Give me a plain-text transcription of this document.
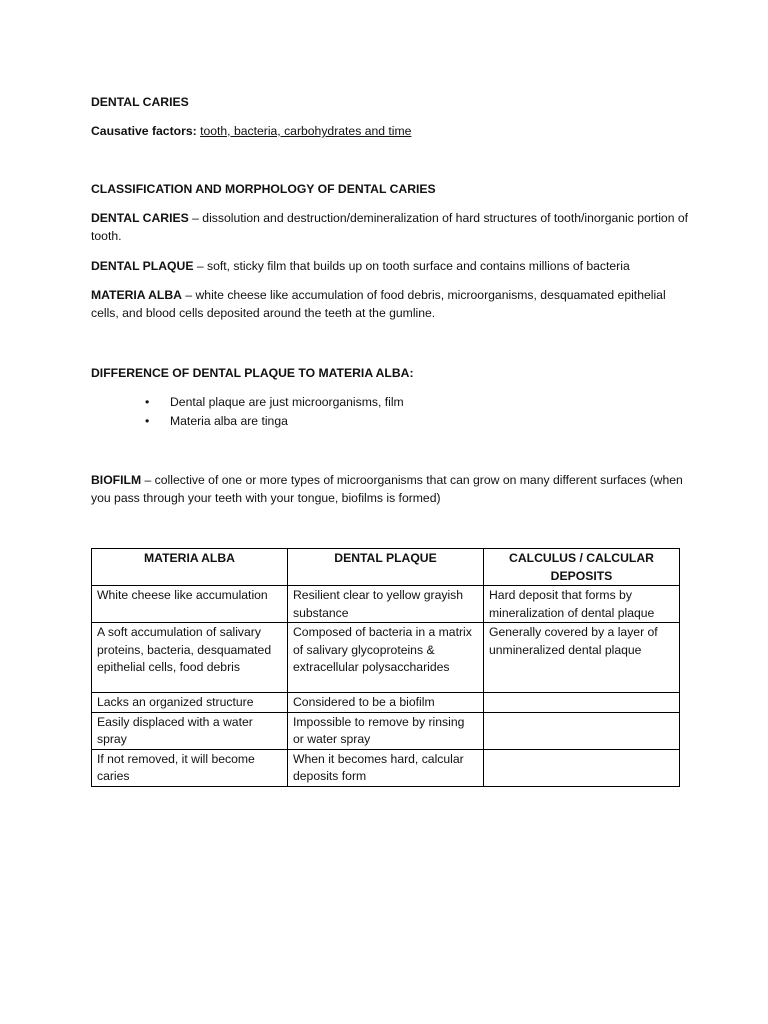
DENTAL CARIES

Causative factors: tooth, bacteria, carbohydrates and time

CLASSIFICATION AND MORPHOLOGY OF DENTAL CARIES

DENTAL CARIES – dissolution and destruction/demineralization of hard structures of tooth/inorganic portion of tooth.

DENTAL PLAQUE – soft, sticky film that builds up on tooth surface and contains millions of bacteria

MATERIA ALBA – white cheese like accumulation of food debris, microorganisms, desquamated epithelial cells, and blood cells deposited around the teeth at the gumline.

DIFFERENCE OF DENTAL PLAQUE TO MATERIA ALBA:

• Dental plaque are just microorganisms, film
• Materia alba are tinga

BIOFILM – collective of one or more types of microorganisms that can grow on many different surfaces (when you pass through your teeth with your tongue, biofilms is formed)

MATERIA ALBA	DENTAL PLAQUE	CALCULUS / CALCULAR DEPOSITS
White cheese like accumulation	Resilient clear to yellow grayish substance	Hard deposit that forms by mineralization of dental plaque
A soft accumulation of salivary proteins, bacteria, desquamated epithelial cells, food debris	Composed of bacteria in a matrix of salivary glycoproteins & extracellular polysaccharides	Generally covered by a layer of unmineralized dental plaque
Lacks an organized structure	Considered to be a biofilm	
Easily displaced with a water spray	Impossible to remove by rinsing or water spray	
If not removed, it will become caries	When it becomes hard, calcular deposits form	
